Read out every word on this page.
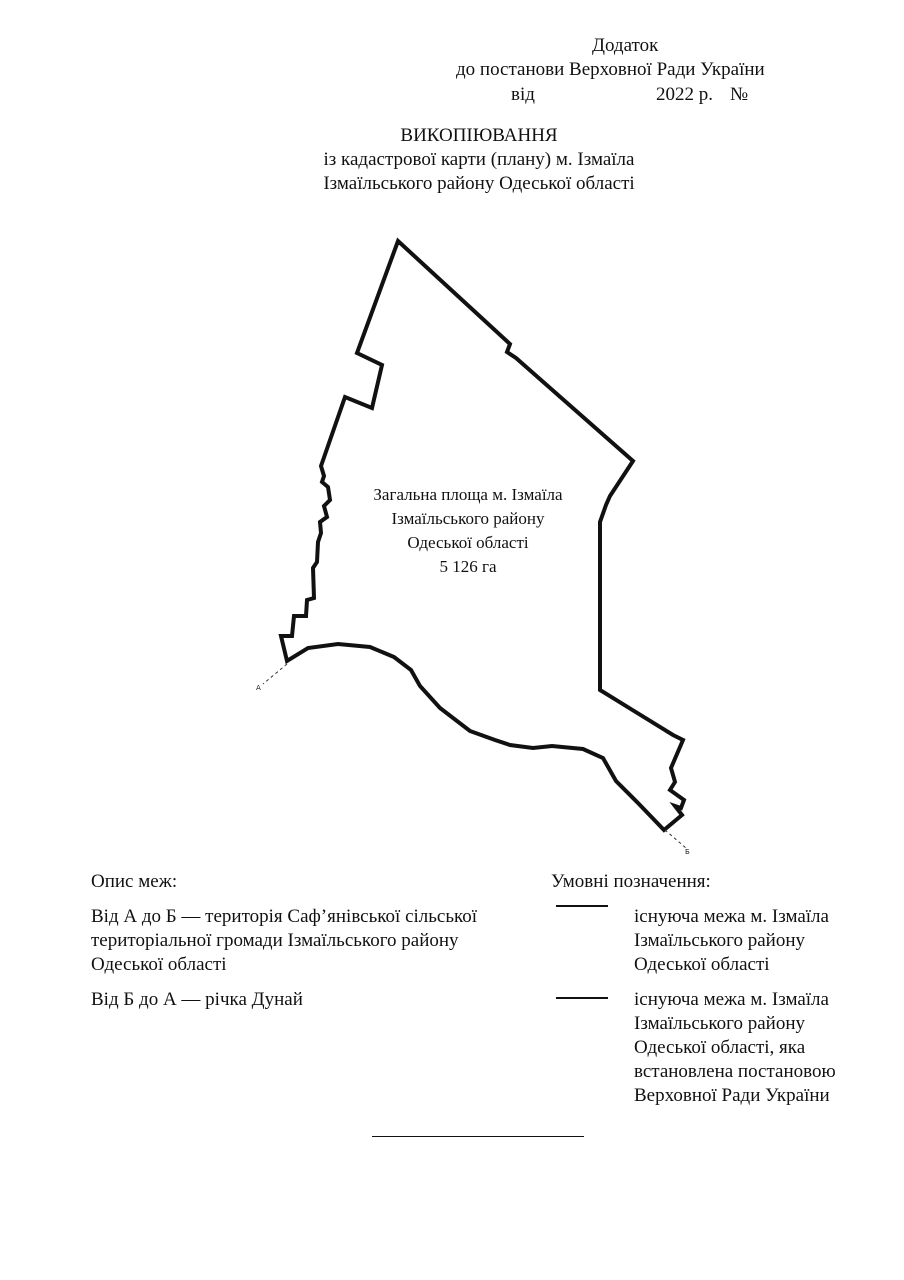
Додаток
до постанови Верховної Ради України
від	2022 р. №
ВИКОПІЮВАННЯ
із кадастрової карти (плану) м. Ізмаїла
Ізмаїльського району Одеської області
А
Б
Загальна площа м. Ізмаїла
Ізмаїльського району
Одеської області
5 126 га
Опис меж:
Від А до Б — територія Саф’янівської сільської
територіальної громади Ізмаїльського району
Одеської області
Від Б до А — річка Дунай
Умовні позначення:
існуюча межа м. Ізмаїла
Ізмаїльського району
Одеської області
існуюча межа м. Ізмаїла
Ізмаїльського району
Одеської області, яка
встановлена постановою
Верховної Ради України
